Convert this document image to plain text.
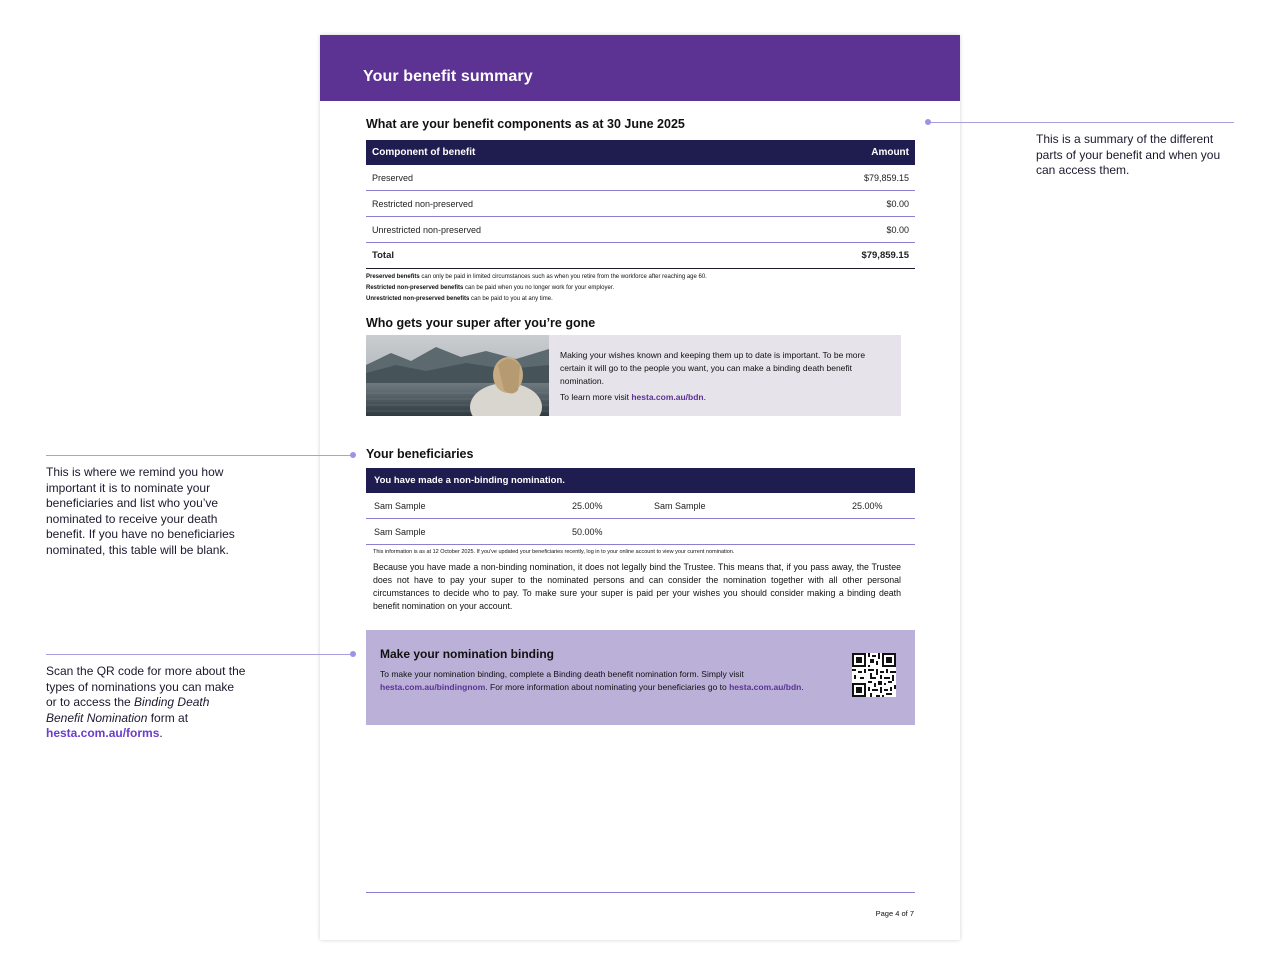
Your benefit summary
What are your benefit components as at 30 June 2025
Component of benefit	Amount
Preserved	$79,859.15
Restricted non-preserved	$0.00
Unrestricted non-preserved	$0.00
Total	$79,859.15
Preserved benefits can only be paid in limited circumstances such as when you retire from the workforce after reaching age 60.
Restricted non-preserved benefits can be paid when you no longer work for your employer.
Unrestricted non-preserved benefits can be paid to you at any time.
Who gets your super after you’re gone
Making your wishes known and keeping them up to date is important. To be more certain it will go to the people you want, you can make a binding death benefit nomination.
To learn more visit hesta.com.au/bdn.
Your beneficiaries
You have made a non-binding nomination.
Sam Sample	25.00%	Sam Sample	25.00%
Sam Sample	50.00%		
This information is as at 12 October 2025. If you've updated your beneficiaries recently, log in to your online account to view your current nomination.
Because you have made a non-binding nomination, it does not legally bind the Trustee. This means that, if you pass away, the Trustee does not have to pay your super to the nominated persons and can consider the nomination together with all other personal circumstances to decide who to pay. To make sure your super is paid per your wishes you should consider making a binding death benefit nomination on your account.
Make your nomination binding
To make your nomination binding, complete a Binding death benefit nomination form. Simply visit hesta.com.au/bindingnom. For more information about nominating your beneficiaries go to hesta.com.au/bdn.
Page 4 of 7
This is a summary of the different parts of your benefit and when you can access them.
This is where we remind you how important it is to nominate your beneficiaries and list who you’ve nominated to receive your death benefit. If you have no beneficiaries nominated, this table will be blank.
Scan the QR code for more about the types of nominations you can make or to access the Binding Death Benefit Nomination form at hesta.com.au/forms.
